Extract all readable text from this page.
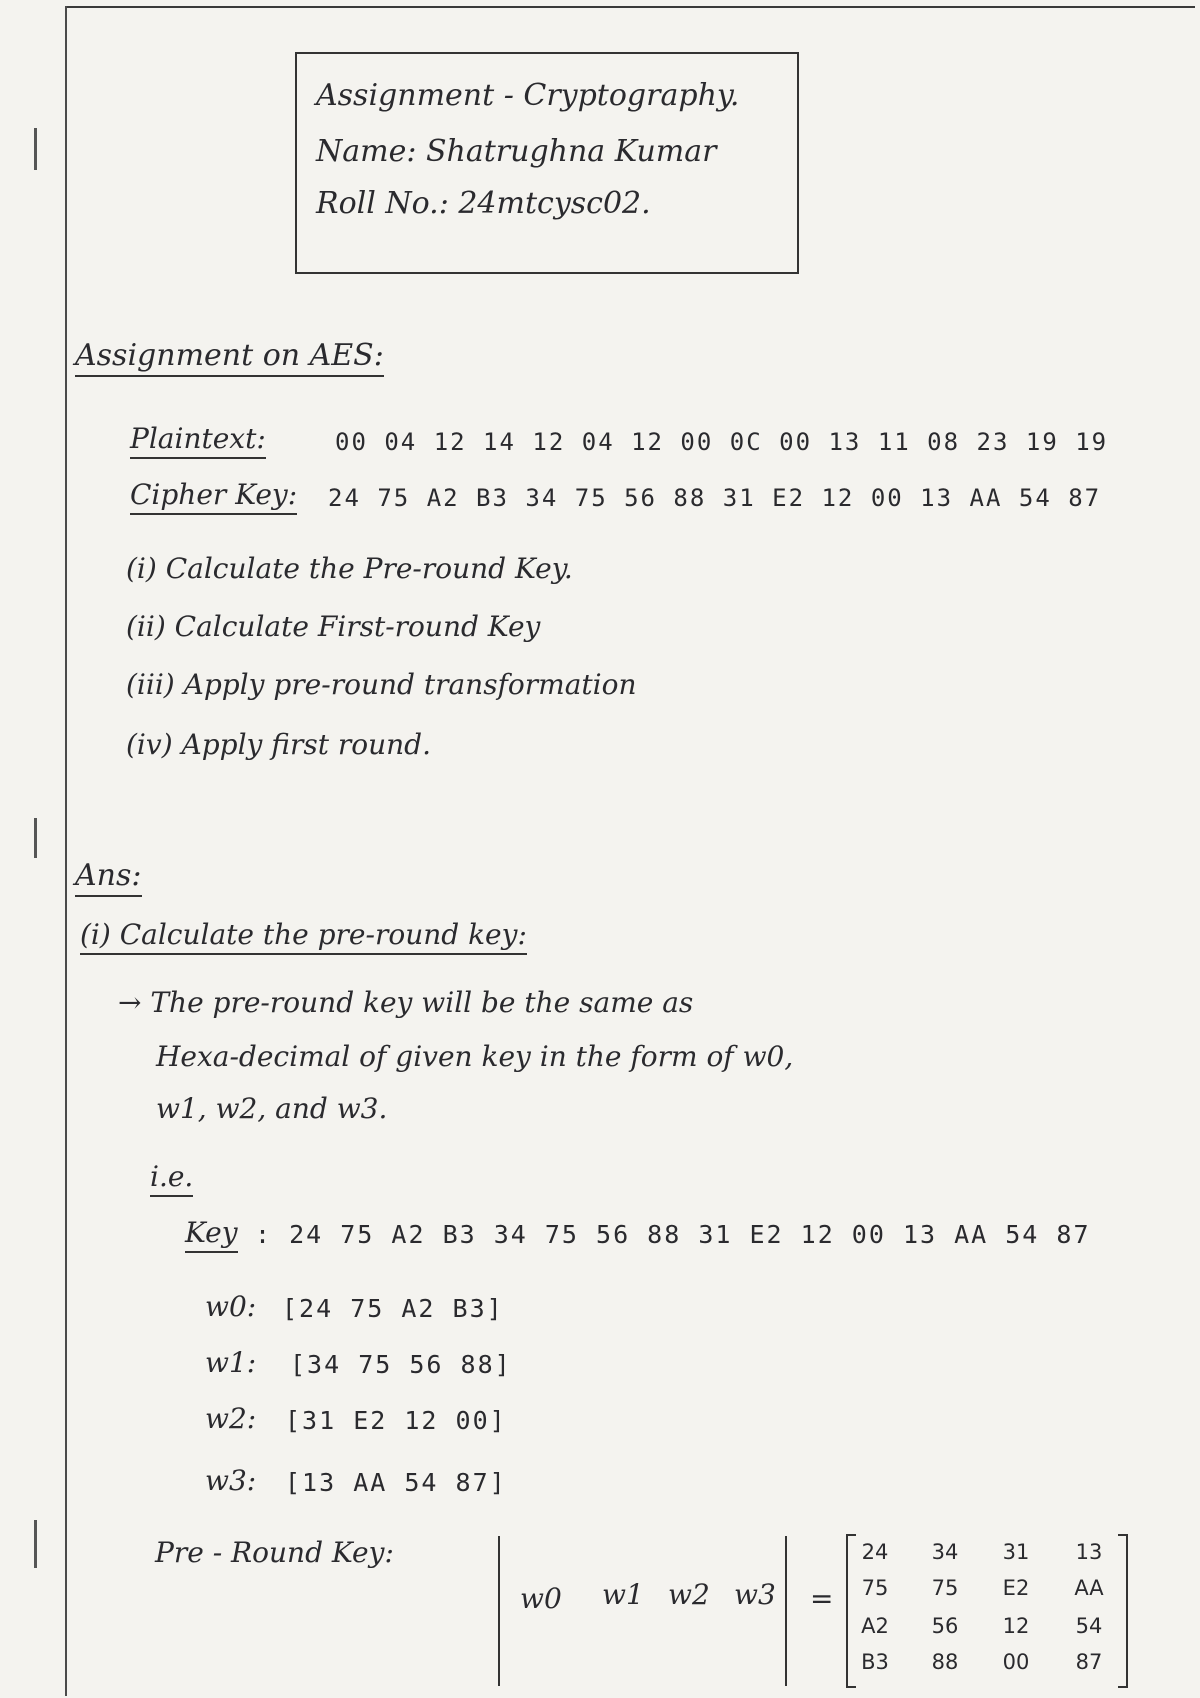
Assignment - Cryptography.
Name: Shatrughna Kumar
Roll No.: 24mtcysc02.
Assignment on AES:
Plaintext:	00 04 12 14 12 04 12 00 0C 00 13 11 08 23 19 19
Cipher Key: 24 75 A2 B3 34 75 56 88 31 E2 12 00 13 AA 54 87
(i) Calculate the Pre-round Key.
(ii) Calculate First-round Key
(iii) Apply pre-round transformation
(iv) Apply first round.
Ans:
(i) Calculate the pre-round key:
→ The pre-round key will be the same as
Hexa-decimal of given key in the form of w0,
w1, w2, and w3.
i.e.
Key : 24 75 A2 B3 34 75 56 88 31 E2 12 00 13 AA 54 87
w0: [24 75 A2 B3]
w1: [34 75 56 88]
w2: [31 E2 12 00]
w3: [13 AA 54 87]
Pre - Round Key:
w0 w1 w2 w3 =
24	34	31	13
75	75	E2	AA
A2	56	12	54
B3	88	00	87
